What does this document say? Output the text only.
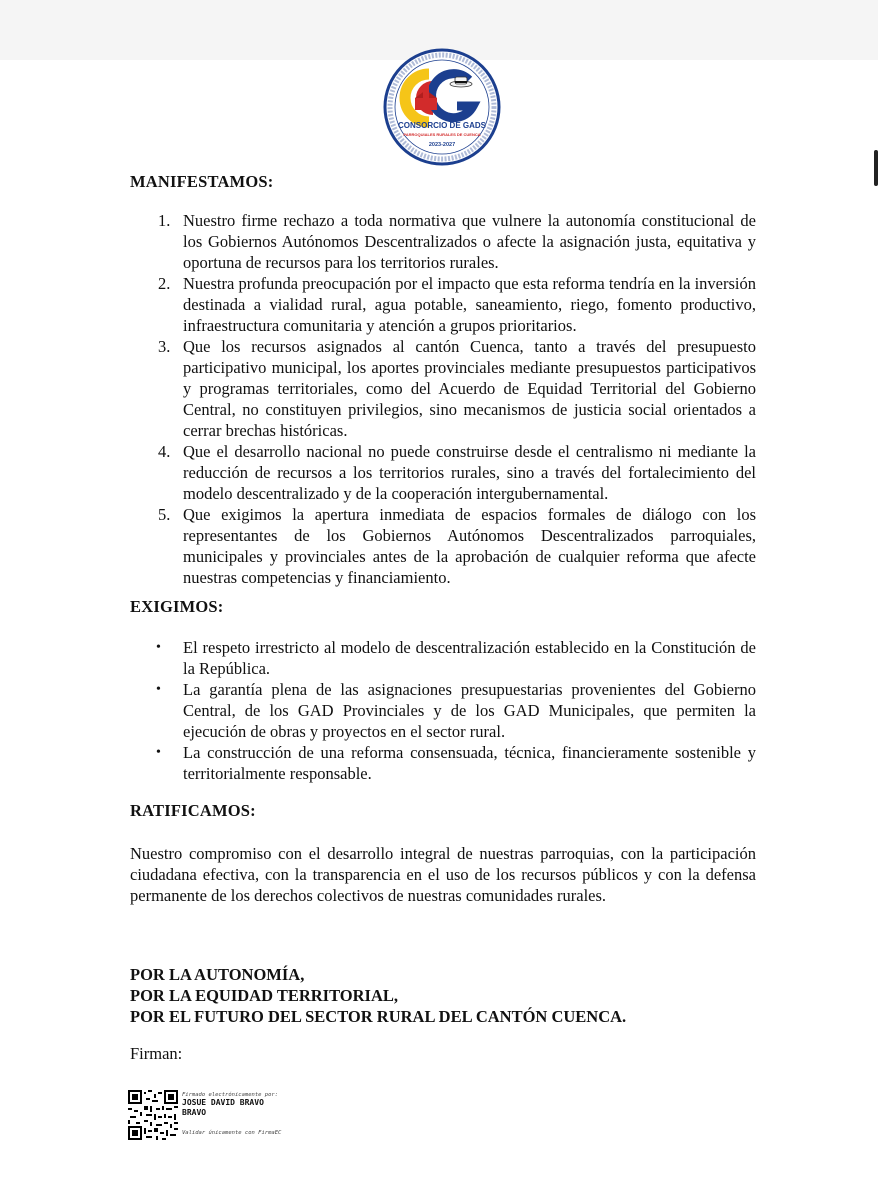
CONSORCIO DE GADS
PARROQUIALES RURALES DE CUENCA
2023-2027

MANIFESTAMOS:

1. Nuestro firme rechazo a toda normativa que vulnere la autonomía constitucional de los Gobiernos Autónomos Descentralizados o afecte la asignación justa, equitativa y oportuna de recursos para los territorios rurales.
2. Nuestra profunda preocupación por el impacto que esta reforma tendría en la inversión destinada a vialidad rural, agua potable, saneamiento, riego, fomento productivo, infraestructura comunitaria y atención a grupos prioritarios.
3. Que los recursos asignados al cantón Cuenca, tanto a través del presupuesto participativo municipal, los aportes provinciales mediante presupuestos participativos y programas territoriales, como del Acuerdo de Equidad Territorial del Gobierno Central, no constituyen privilegios, sino mecanismos de justicia social orientados a cerrar brechas históricas.
4. Que el desarrollo nacional no puede construirse desde el centralismo ni mediante la reducción de recursos a los territorios rurales, sino a través del fortalecimiento del modelo descentralizado y de la cooperación intergubernamental.
5. Que exigimos la apertura inmediata de espacios formales de diálogo con los representantes de los Gobiernos Autónomos Descentralizados parroquiales, municipales y provinciales antes de la aprobación de cualquier reforma que afecte nuestras competencias y financiamiento.

EXIGIMOS:

• El respeto irrestricto al modelo de descentralización establecido en la Constitución de la República.
• La garantía plena de las asignaciones presupuestarias provenientes del Gobierno Central, de los GAD Provinciales y de los GAD Municipales, que permiten la ejecución de obras y proyectos en el sector rural.
• La construcción de una reforma consensuada, técnica, financieramente sostenible y territorialmente responsable.

RATIFICAMOS:

Nuestro compromiso con el desarrollo integral de nuestras parroquias, con la participación ciudadana efectiva, con la transparencia en el uso de los recursos públicos y con la defensa permanente de los derechos colectivos de nuestras comunidades rurales.

POR LA AUTONOMÍA,

POR LA EQUIDAD TERRITORIAL,

POR EL FUTURO DEL SECTOR RURAL DEL CANTÓN CUENCA.

Firman:

Firmado electrónicamente por:
JOSUE DAVID BRAVO
BRAVO
Validar únicamente con FirmaEC
